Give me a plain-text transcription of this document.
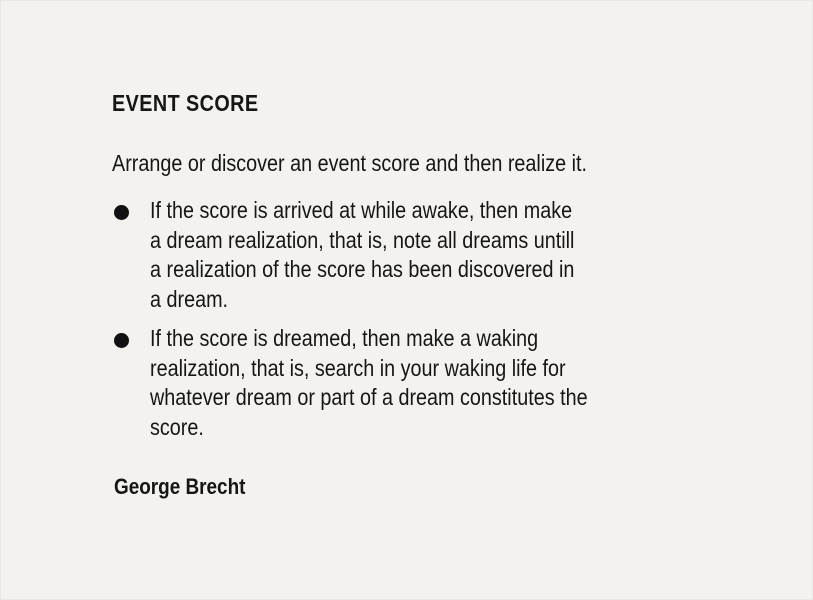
EVENT SCORE

Arrange or discover an event score and then realize it.

If the score is arrived at while awake, then make
a dream realization, that is, note all dreams untill
a realization of the score has been discovered in
a dream.
If the score is dreamed, then make a waking
realization, that is, search in your waking life for
whatever dream or part of a dream constitutes the
score.

George Brecht
